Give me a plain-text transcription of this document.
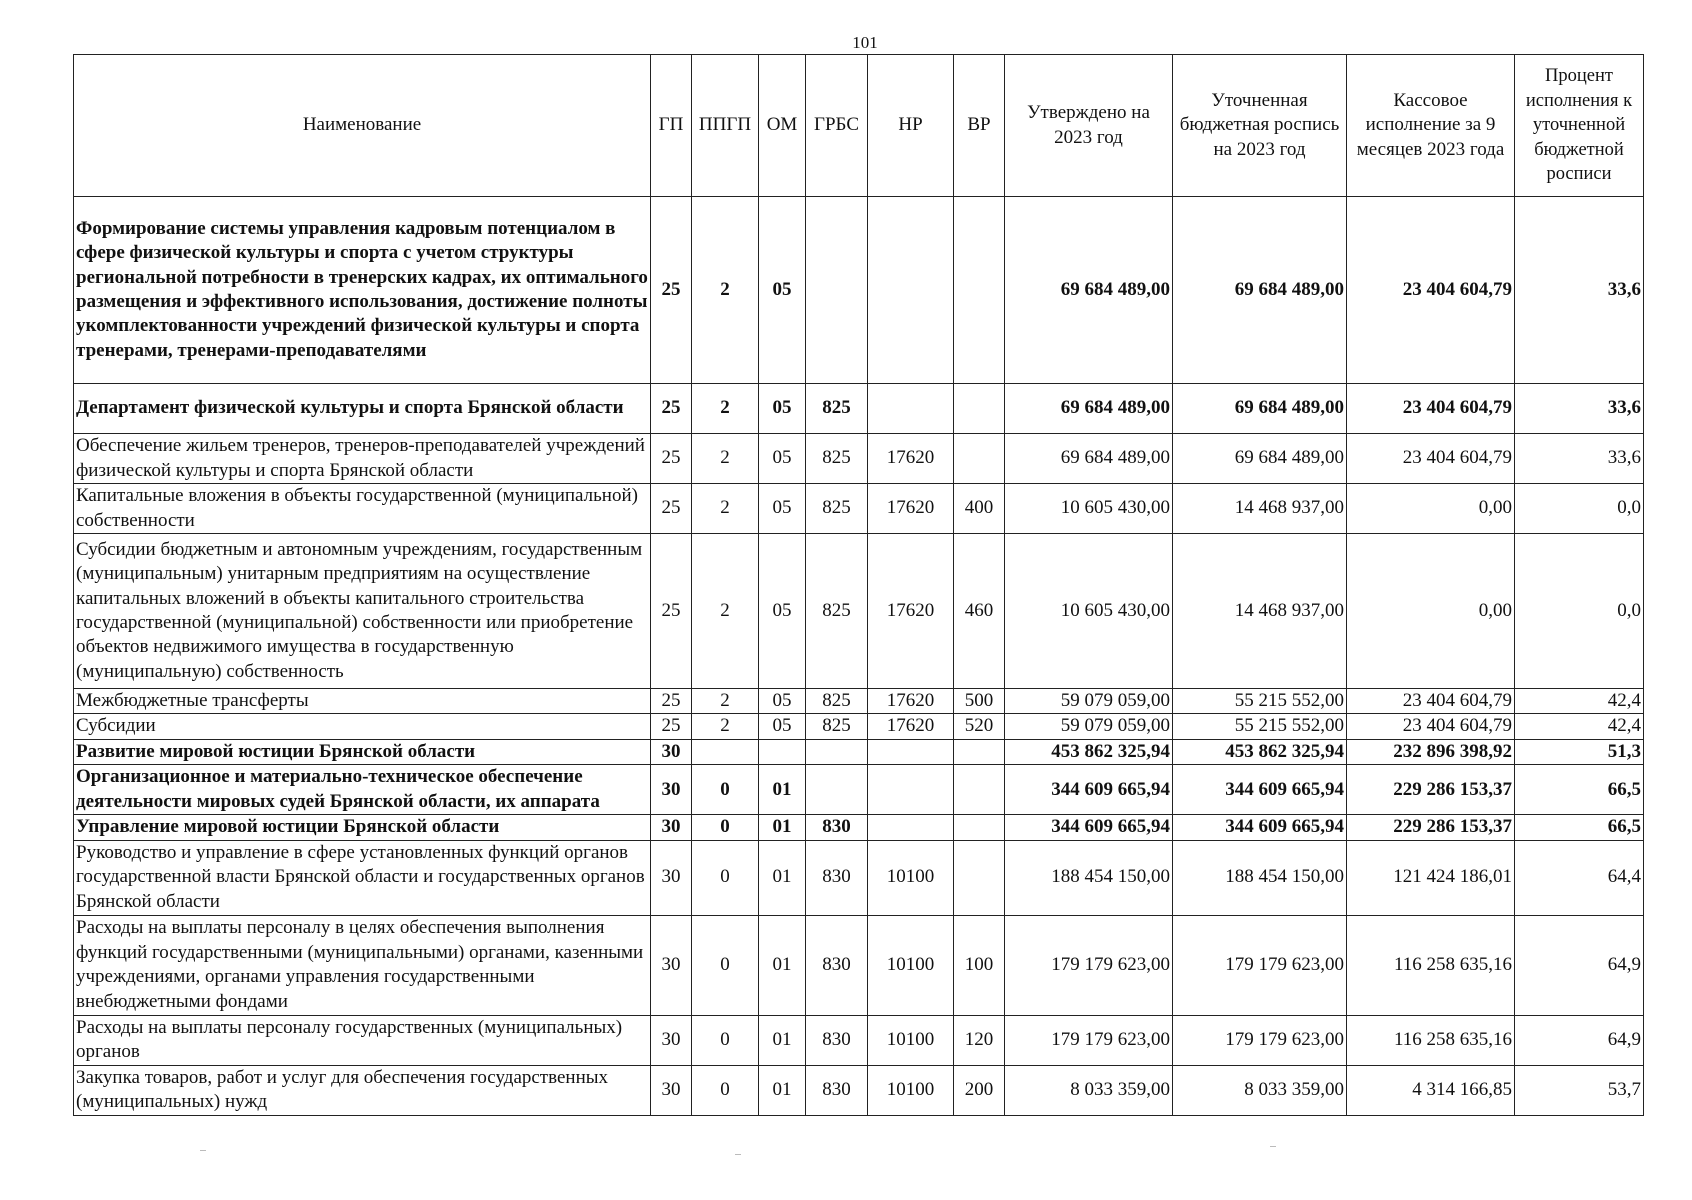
101
Наименование	ГП	ППГП	ОМ	ГРБС	НР	ВР	Утверждено на 2023 год	Уточненная бюджетная роспись на 2023 год	Кассовое исполнение за 9 месяцев 2023 года	Процент исполнения к уточненной бюджетной росписи
Формирование системы управления кадровым потенциалом в сфере физической культуры и спорта с учетом структуры региональной потребности в тренерских кадрах, их оптимального размещения и эффективного использования, достижение полноты укомплектованности учреждений физической культуры и спорта тренерами, тренерами-преподавателями	25	2	05				69 684 489,00	69 684 489,00	23 404 604,79	33,6
Департамент физической культуры и спорта Брянской области	25	2	05	825			69 684 489,00	69 684 489,00	23 404 604,79	33,6
Обеспечение жильем тренеров, тренеров-преподавателей учреждений физической культуры и спорта Брянской области	25	2	05	825	17620		69 684 489,00	69 684 489,00	23 404 604,79	33,6
Капитальные вложения в объекты государственной (муниципальной) собственности	25	2	05	825	17620	400	10 605 430,00	14 468 937,00	0,00	0,0
Субсидии бюджетным и автономным учреждениям, государственным (муниципальным) унитарным предприятиям на осуществление капитальных вложений в объекты капитального строительства государственной (муниципальной) собственности или приобретение объектов недвижимого имущества в государственную (муниципальную) собственность	25	2	05	825	17620	460	10 605 430,00	14 468 937,00	0,00	0,0
Межбюджетные трансферты	25	2	05	825	17620	500	59 079 059,00	55 215 552,00	23 404 604,79	42,4
Субсидии	25	2	05	825	17620	520	59 079 059,00	55 215 552,00	23 404 604,79	42,4
Развитие мировой юстиции Брянской области	30						453 862 325,94	453 862 325,94	232 896 398,92	51,3
Организационное и материально-техническое обеспечение деятельности мировых судей Брянской области, их аппарата	30	0	01				344 609 665,94	344 609 665,94	229 286 153,37	66,5
Управление мировой юстиции Брянской области	30	0	01	830			344 609 665,94	344 609 665,94	229 286 153,37	66,5
Руководство и управление в сфере установленных функций органов государственной власти Брянской области и государственных органов Брянской области	30	0	01	830	10100		188 454 150,00	188 454 150,00	121 424 186,01	64,4
Расходы на выплаты персоналу в целях обеспечения выполнения функций государственными (муниципальными) органами, казенными учреждениями, органами управления государственными внебюджетными фондами	30	0	01	830	10100	100	179 179 623,00	179 179 623,00	116 258 635,16	64,9
Расходы на выплаты персоналу государственных (муниципальных) органов	30	0	01	830	10100	120	179 179 623,00	179 179 623,00	116 258 635,16	64,9
Закупка товаров, работ и услуг для обеспечения государственных (муниципальных) нужд	30	0	01	830	10100	200	8 033 359,00	8 033 359,00	4 314 166,85	53,7
